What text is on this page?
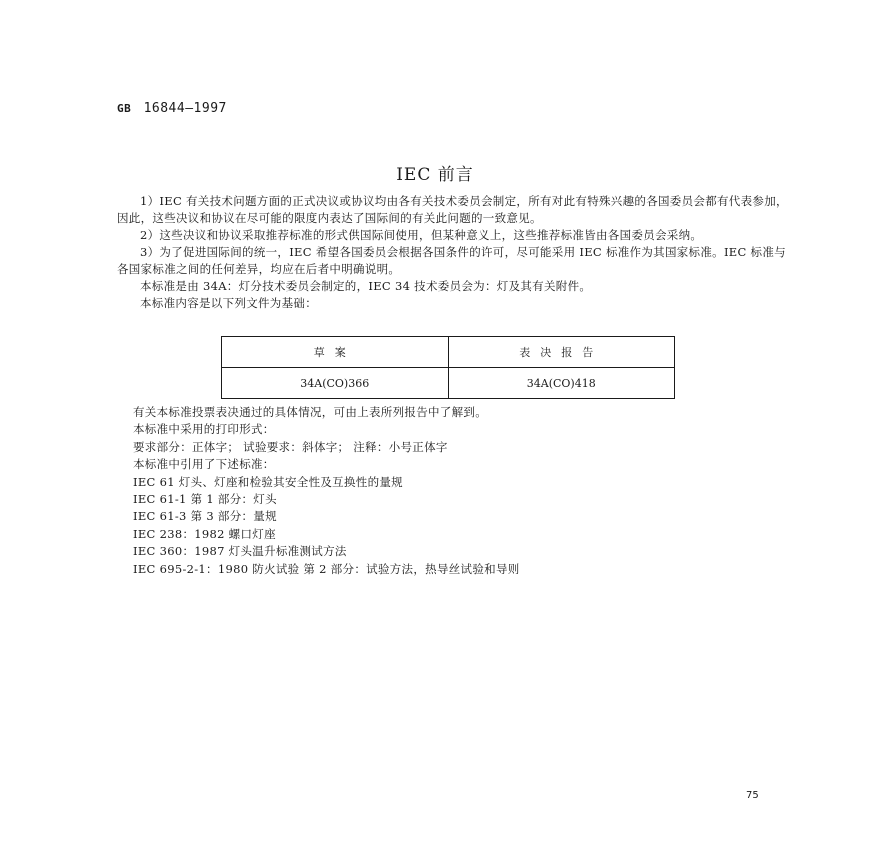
GB 16844—1997
IEC 前言

1）IEC 有关技术问题方面的正式决议或协议均由各有关技术委员会制定，所有对此有特殊兴趣的各国委员会都有代表参加，因此，这些决议和协议在尽可能的限度内表达了国际间的有关此问题的一致意见。

2）这些决议和协议采取推荐标准的形式供国际间使用，但某种意义上，这些推荐标准皆由各国委员会采纳。

3）为了促进国际间的统一，IEC 希望各国委员会根据各国条件的许可，尽可能采用 IEC 标准作为其国家标准。IEC 标准与各国家标准之间的任何差异，均应在后者中明确说明。

本标准是由 34A：灯分技术委员会制定的，IEC 34 技术委员会为：灯及其有关附件。

本标准内容是以下列文件为基础：

草案	表决报告
34A(CO)366	34A(CO)418
有关本标准投票表决通过的具体情况，可由上表所列报告中了解到。
本标准中采用的打印形式：
要求部分：正体字； 试验要求：斜体字； 注释：小号正体字
本标准中引用了下述标准：
IEC 61 灯头、灯座和检验其安全性及互换性的量规
IEC 61-1 第 1 部分：灯头
IEC 61-3 第 3 部分：量规
IEC 238：1982 螺口灯座
IEC 360：1987 灯头温升标准测试方法
IEC 695-2-1：1980 防火试验 第 2 部分：试验方法，热导丝试验和导则
75
